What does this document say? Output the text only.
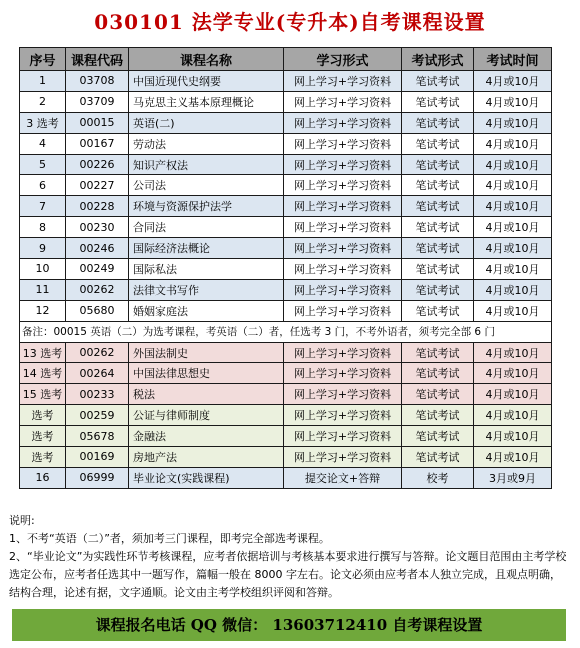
030101 法学专业(专升本)自考课程设置
序号	课程代码	课程名称	学习形式	考试形式	考试时间
1	03708	中国近现代史纲要	网上学习+学习资料	笔试考试	4月或10月
2	03709	马克思主义基本原理概论	网上学习+学习资料	笔试考试	4月或10月
3 选考	00015	英语(二)	网上学习+学习资料	笔试考试	4月或10月
4	00167	劳动法	网上学习+学习资料	笔试考试	4月或10月
5	00226	知识产权法	网上学习+学习资料	笔试考试	4月或10月
6	00227	公司法	网上学习+学习资料	笔试考试	4月或10月
7	00228	环境与资源保护法学	网上学习+学习资料	笔试考试	4月或10月
8	00230	合同法	网上学习+学习资料	笔试考试	4月或10月
9	00246	国际经济法概论	网上学习+学习资料	笔试考试	4月或10月
10	00249	国际私法	网上学习+学习资料	笔试考试	4月或10月
11	00262	法律文书写作	网上学习+学习资料	笔试考试	4月或10月
12	05680	婚姻家庭法	网上学习+学习资料	笔试考试	4月或10月
备注：00015 英语（二）为选考课程，考英语（二）者，任选考 3 门，不考外语者，须考完全部 6 门					
13 选考	00262	外国法制史	网上学习+学习资料	笔试考试	4月或10月
14 选考	00264	中国法律思想史	网上学习+学习资料	笔试考试	4月或10月
15 选考	00233	税法	网上学习+学习资料	笔试考试	4月或10月
选考	00259	公证与律师制度	网上学习+学习资料	笔试考试	4月或10月
选考	05678	金融法	网上学习+学习资料	笔试考试	4月或10月
选考	00169	房地产法	网上学习+学习资料	笔试考试	4月或10月
16	06999	毕业论文(实践课程)	提交论文+答辩	校考	3月或9月

说明:

1、不考“英语（二）”者，须加考三门课程，即考完全部选考课程。

2、“毕业论文”为实践性环节考核课程，应考者依据培训与考核基本要求进行撰写与答辩。论文题目范围由主考学校选定公布，应考者任选其中一题写作，篇幅一般在 8000 字左右。论文必须由应考者本人独立完成，且观点明确，结构合理，论述有据，文字通顺。论文由主考学校组织评阅和答辩。

课程报名电话 QQ 微信： 13603712410 自考课程设置
